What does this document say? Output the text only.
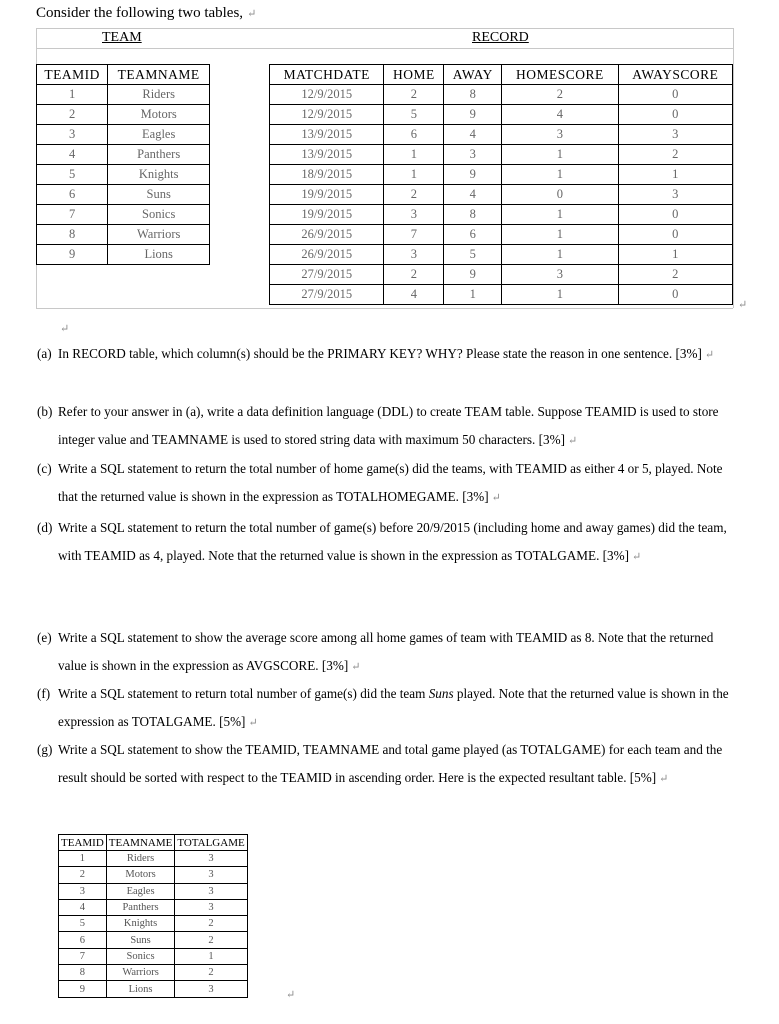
Consider the following two tables, ↵
TEAM	RECORD
TEAMID	TEAMNAME
1	Riders
2	Motors
3	Eagles
4	Panthers
5	Knights
6	Suns
7	Sonics
8	Warriors
9	Lions
MATCHDATE	HOME	AWAY	HOMESCORE	AWAYSCORE
12/9/2015	2	8	2	0
12/9/2015	5	9	4	0
13/9/2015	6	4	3	3
13/9/2015	1	3	1	2
18/9/2015	1	9	1	1
19/9/2015	2	4	0	3
19/9/2015	3	8	1	0
26/9/2015	7	6	1	0
26/9/2015	3	5	1	1
27/9/2015	2	9	3	2
27/9/2015	4	1	1	0
↵
↵
(a) In RECORD table, which column(s) should be the PRIMARY KEY? WHY? Please state the reason in one sentence. [3%] ↵
(b) Refer to your answer in (a), write a data definition language (DDL) to create TEAM table. Suppose TEAMID is used to store integer value and TEAMNAME is used to stored string data with maximum 50 characters. [3%] ↵
(c) Write a SQL statement to return the total number of home game(s) did the teams, with TEAMID as either 4 or 5, played. Note that the returned value is shown in the expression as TOTALHOMEGAME. [3%] ↵
(d) Write a SQL statement to return the total number of game(s) before 20/9/2015 (including home and away games) did the team, with TEAMID as 4, played. Note that the returned value is shown in the expression as TOTALGAME. [3%] ↵
(e) Write a SQL statement to show the average score among all home games of team with TEAMID as 8. Note that the returned value is shown in the expression as AVGSCORE. [3%] ↵
(f) Write a SQL statement to return total number of game(s) did the team Suns played. Note that the returned value is shown in the expression as TOTALGAME. [5%] ↵
(g) Write a SQL statement to show the TEAMID, TEAMNAME and total game played (as TOTALGAME) for each team and the result should be sorted with respect to the TEAMID in ascending order. Here is the expected resultant table. [5%] ↵
TEAMID	TEAMNAME	TOTALGAME
1	Riders	3
2	Motors	3
3	Eagles	3
4	Panthers	3
5	Knights	2
6	Suns	2
7	Sonics	1
8	Warriors	2
9	Lions	3	↵
